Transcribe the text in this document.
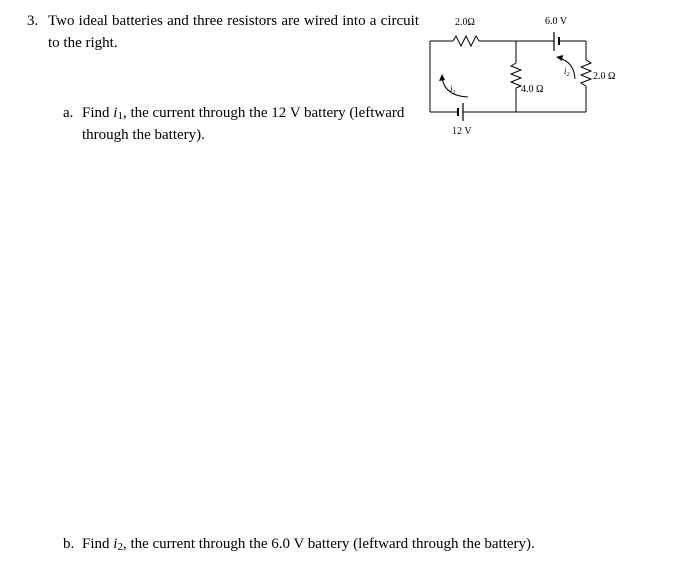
3. Two ideal batteries and three resistors are wired into a circuit to the right.
a. Find $i_1$, the current through the 12 V battery (leftward through the battery).
b. Find $i_2$, the current through the 6.0 V battery (leftward through the battery).
2.0Ω	6.0 V
4.0 Ω
2.0 Ω
12 V
$i_1$
$i_2$
